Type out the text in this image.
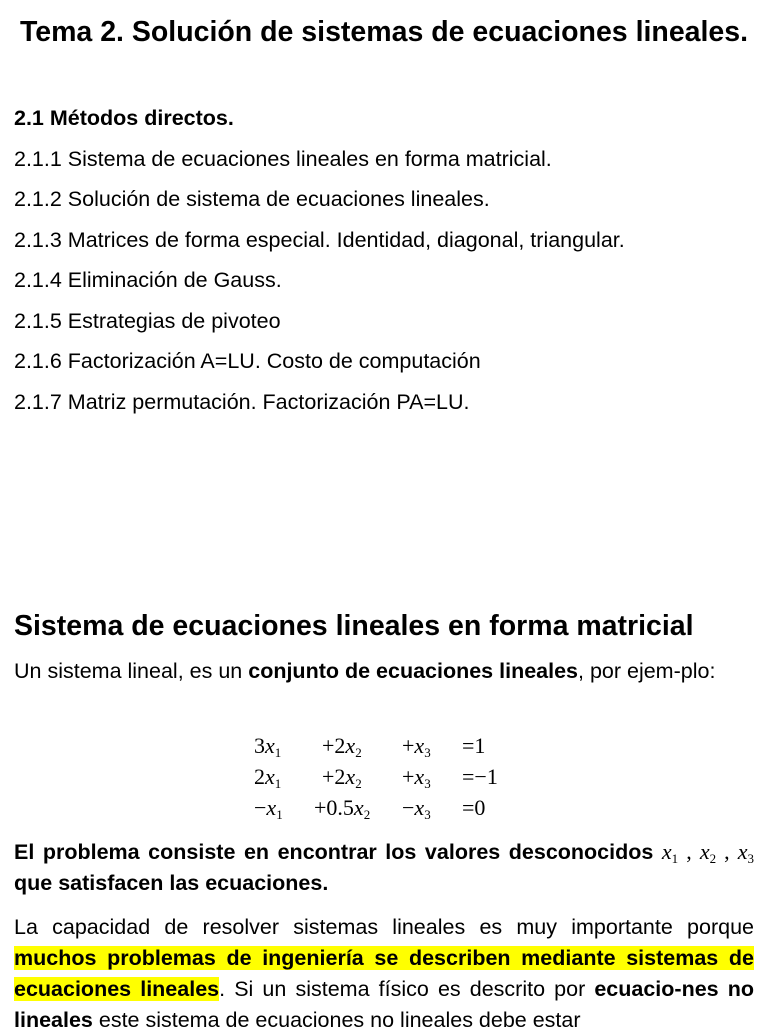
Tema 2. Solución de sistemas de ecuaciones lineales.
2.1 Métodos directos.
2.1.1 Sistema de ecuaciones lineales en forma matricial.
2.1.2 Solución de sistema de ecuaciones lineales.
2.1.3 Matrices de forma especial. Identidad, diagonal, triangular.
2.1.4 Eliminación de Gauss.
2.1.5 Estrategias de pivoteo
2.1.6 Factorización A=LU. Costo de computación
2.1.7 Matriz permutación. Factorización PA=LU.
Sistema de ecuaciones lineales en forma matricial

Un sistema lineal, es un conjunto de ecuaciones lineales, por ejem-plo:

$3x_1 +2x_2 +x_3 =1$
$2x_1 +2x_2 +x_3 =-1$
$-x_1 +0.5x_2 -x_3 =0$

El problema consiste en encontrar los valores desconocidos $x_1$ , $x_2$ , $x_3$ que satisfacen las ecuaciones.

La capacidad de resolver sistemas lineales es muy importante porque muchos problemas de ingeniería se describen mediante sistemas de ecuaciones lineales. Si un sistema físico es descrito por ecuacio-nes no lineales este sistema de ecuaciones no lineales debe estar
